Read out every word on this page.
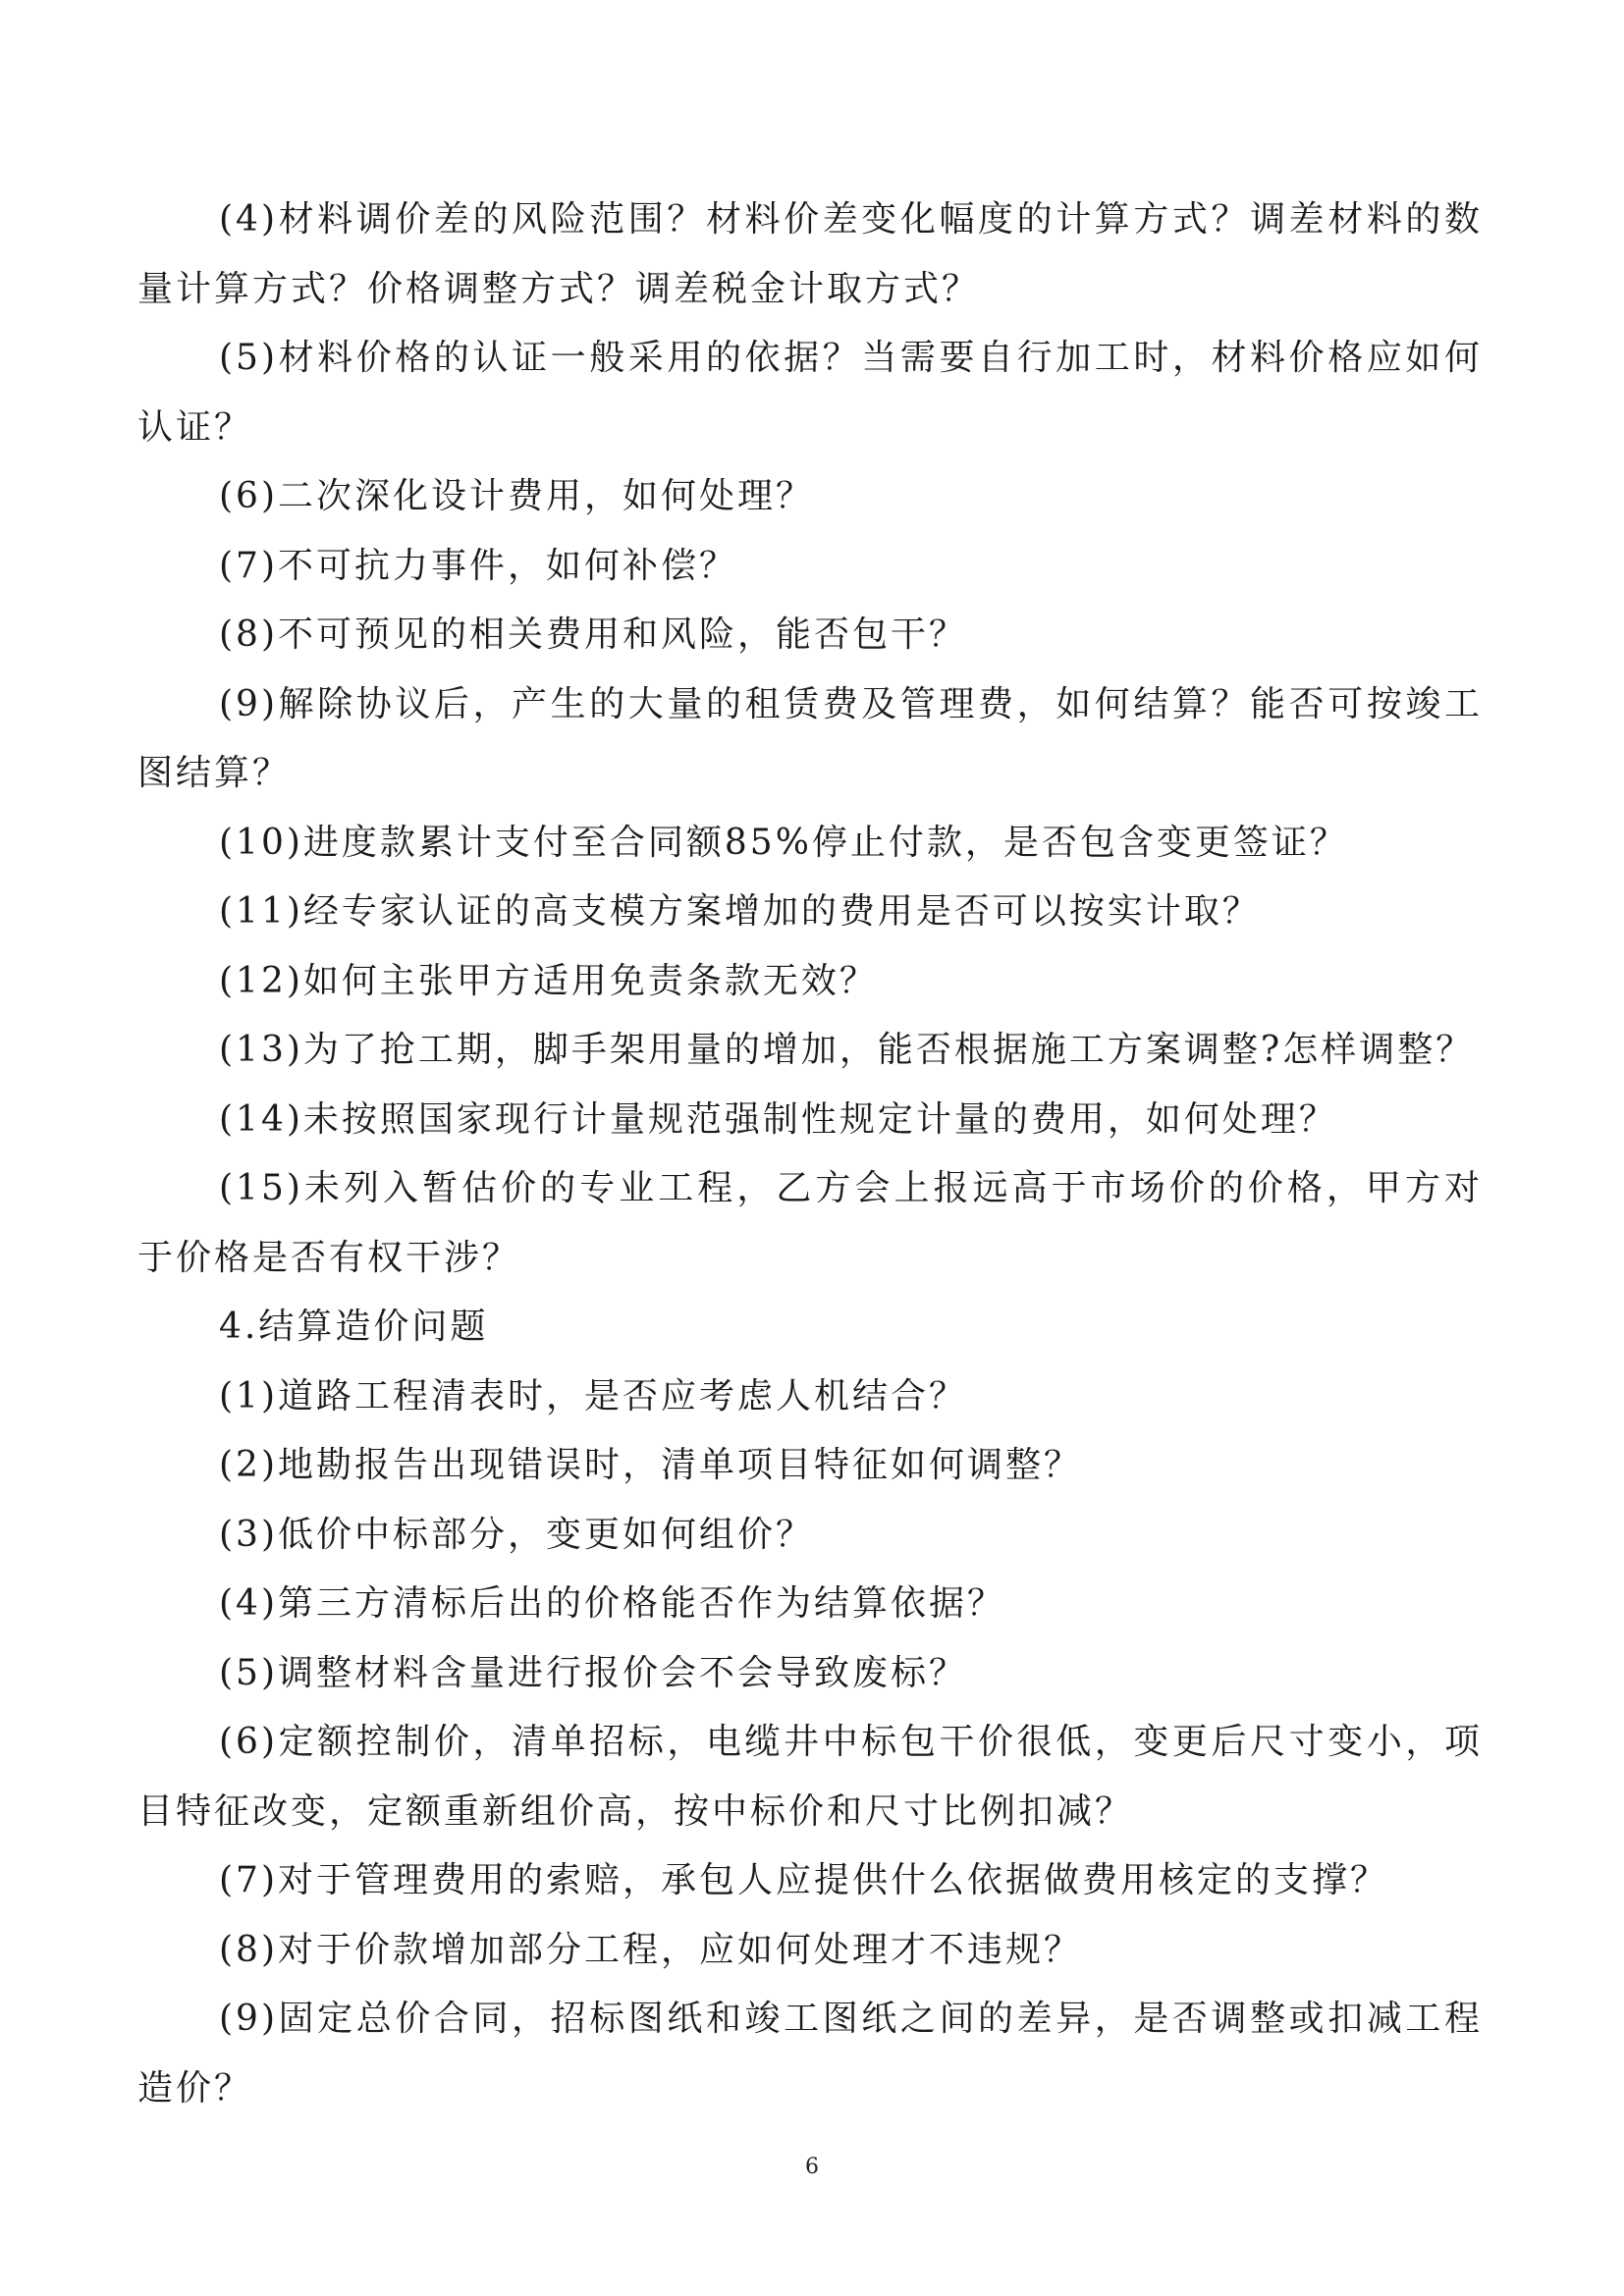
(4)材料调价差的风险范围？材料价差变化幅度的计算方式？调差材料的数量计算方式？价格调整方式？调差税金计取方式？

(5)材料价格的认证一般采用的依据？当需要自行加工时，材料价格应如何认证？

(6)二次深化设计费用，如何处理？

(7)不可抗力事件，如何补偿？

(8)不可预见的相关费用和风险，能否包干？

(9)解除协议后，产生的大量的租赁费及管理费，如何结算？能否可按竣工图结算？

(10)进度款累计支付至合同额85%停止付款，是否包含变更签证？

(11)经专家认证的高支模方案增加的费用是否可以按实计取？

(12)如何主张甲方适用免责条款无效？

(13)为了抢工期，脚手架用量的增加，能否根据施工方案调整?怎样调整？

(14)未按照国家现行计量规范强制性规定计量的费用，如何处理？

(15)未列入暂估价的专业工程，乙方会上报远高于市场价的价格，甲方对于价格是否有权干涉？

4.结算造价问题

(1)道路工程清表时，是否应考虑人机结合？

(2)地勘报告出现错误时，清单项目特征如何调整？

(3)低价中标部分，变更如何组价？

(4)第三方清标后出的价格能否作为结算依据？

(5)调整材料含量进行报价会不会导致废标？

(6)定额控制价，清单招标，电缆井中标包干价很低，变更后尺寸变小，项目特征改变，定额重新组价高，按中标价和尺寸比例扣减？

(7)对于管理费用的索赔，承包人应提供什么依据做费用核定的支撑？

(8)对于价款增加部分工程，应如何处理才不违规？

(9)固定总价合同，招标图纸和竣工图纸之间的差异，是否调整或扣减工程造价？

6
